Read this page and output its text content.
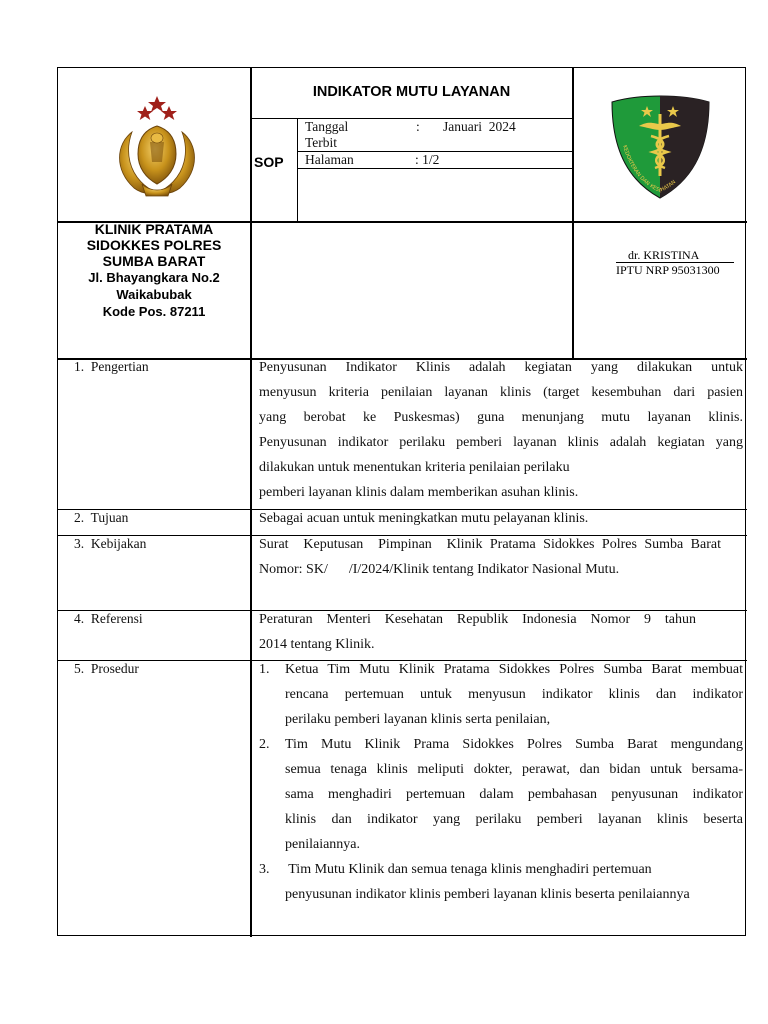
KEDOKTERAN DAN KESEHATAN
INDIKATOR MUTU LAYANAN
SOP
Tanggal
Terbit
: Januari  2024
Halaman	: 1/2
KLINIK PRATAMA
SIDOKKES POLRES
SUMBA BARAT
Jl. Bhayangkara No.2
Waikabubak
Kode Pos. 87211
dr. KRISTINA
IPTU NRP 95031300
1.  Pengertian
2.  Tujuan
3.  Kebijakan
4.  Referensi
5.  Prosedur
Penyusunan Indikator Klinis adalah kegiatan yang dilakukan untuk
menyusun kriteria penilaian layanan klinis (target kesembuhan dari pasien
yang berobat ke Puskesmas) guna menunjang mutu layanan klinis.
Penyusunan indikator perilaku pemberi layanan klinis adalah kegiatan yang
dilakukan untuk menentukan kriteria penilaian perilaku
pemberi layanan klinis dalam memberikan asuhan klinis.
Sebagai acuan untuk meningkatkan mutu pelayanan klinis.
Surat  Keputusan  Pimpinan  Klinik Pratama Sidokkes Polres Sumba Barat
Nomor: SK/      /I/2024/Klinik tentang Indikator Nasional Mutu.
Peraturan  Menteri  Kesehatan  Republik  Indonesia  Nomor  9  tahun
2014 tentang Klinik.
1. Ketua Tim Mutu Klinik Pratama Sidokkes Polres Sumba Barat membuat
rencana pertemuan untuk menyusun indikator klinis dan indikator
perilaku pemberi layanan klinis serta penilaian,
2. Tim Mutu Klinik Prama Sidokkes Polres Sumba Barat mengundang
semua tenaga klinis meliputi dokter, perawat, dan bidan untuk bersama-
sama menghadiri pertemuan dalam pembahasan penyusunan indikator
klinis dan indikator yang perilaku pemberi layanan klinis beserta
penilaiannya.
3. Tim Mutu Klinik dan semua tenaga klinis menghadiri pertemuan
penyusunan indikator klinis pemberi layanan klinis beserta penilaiannya
